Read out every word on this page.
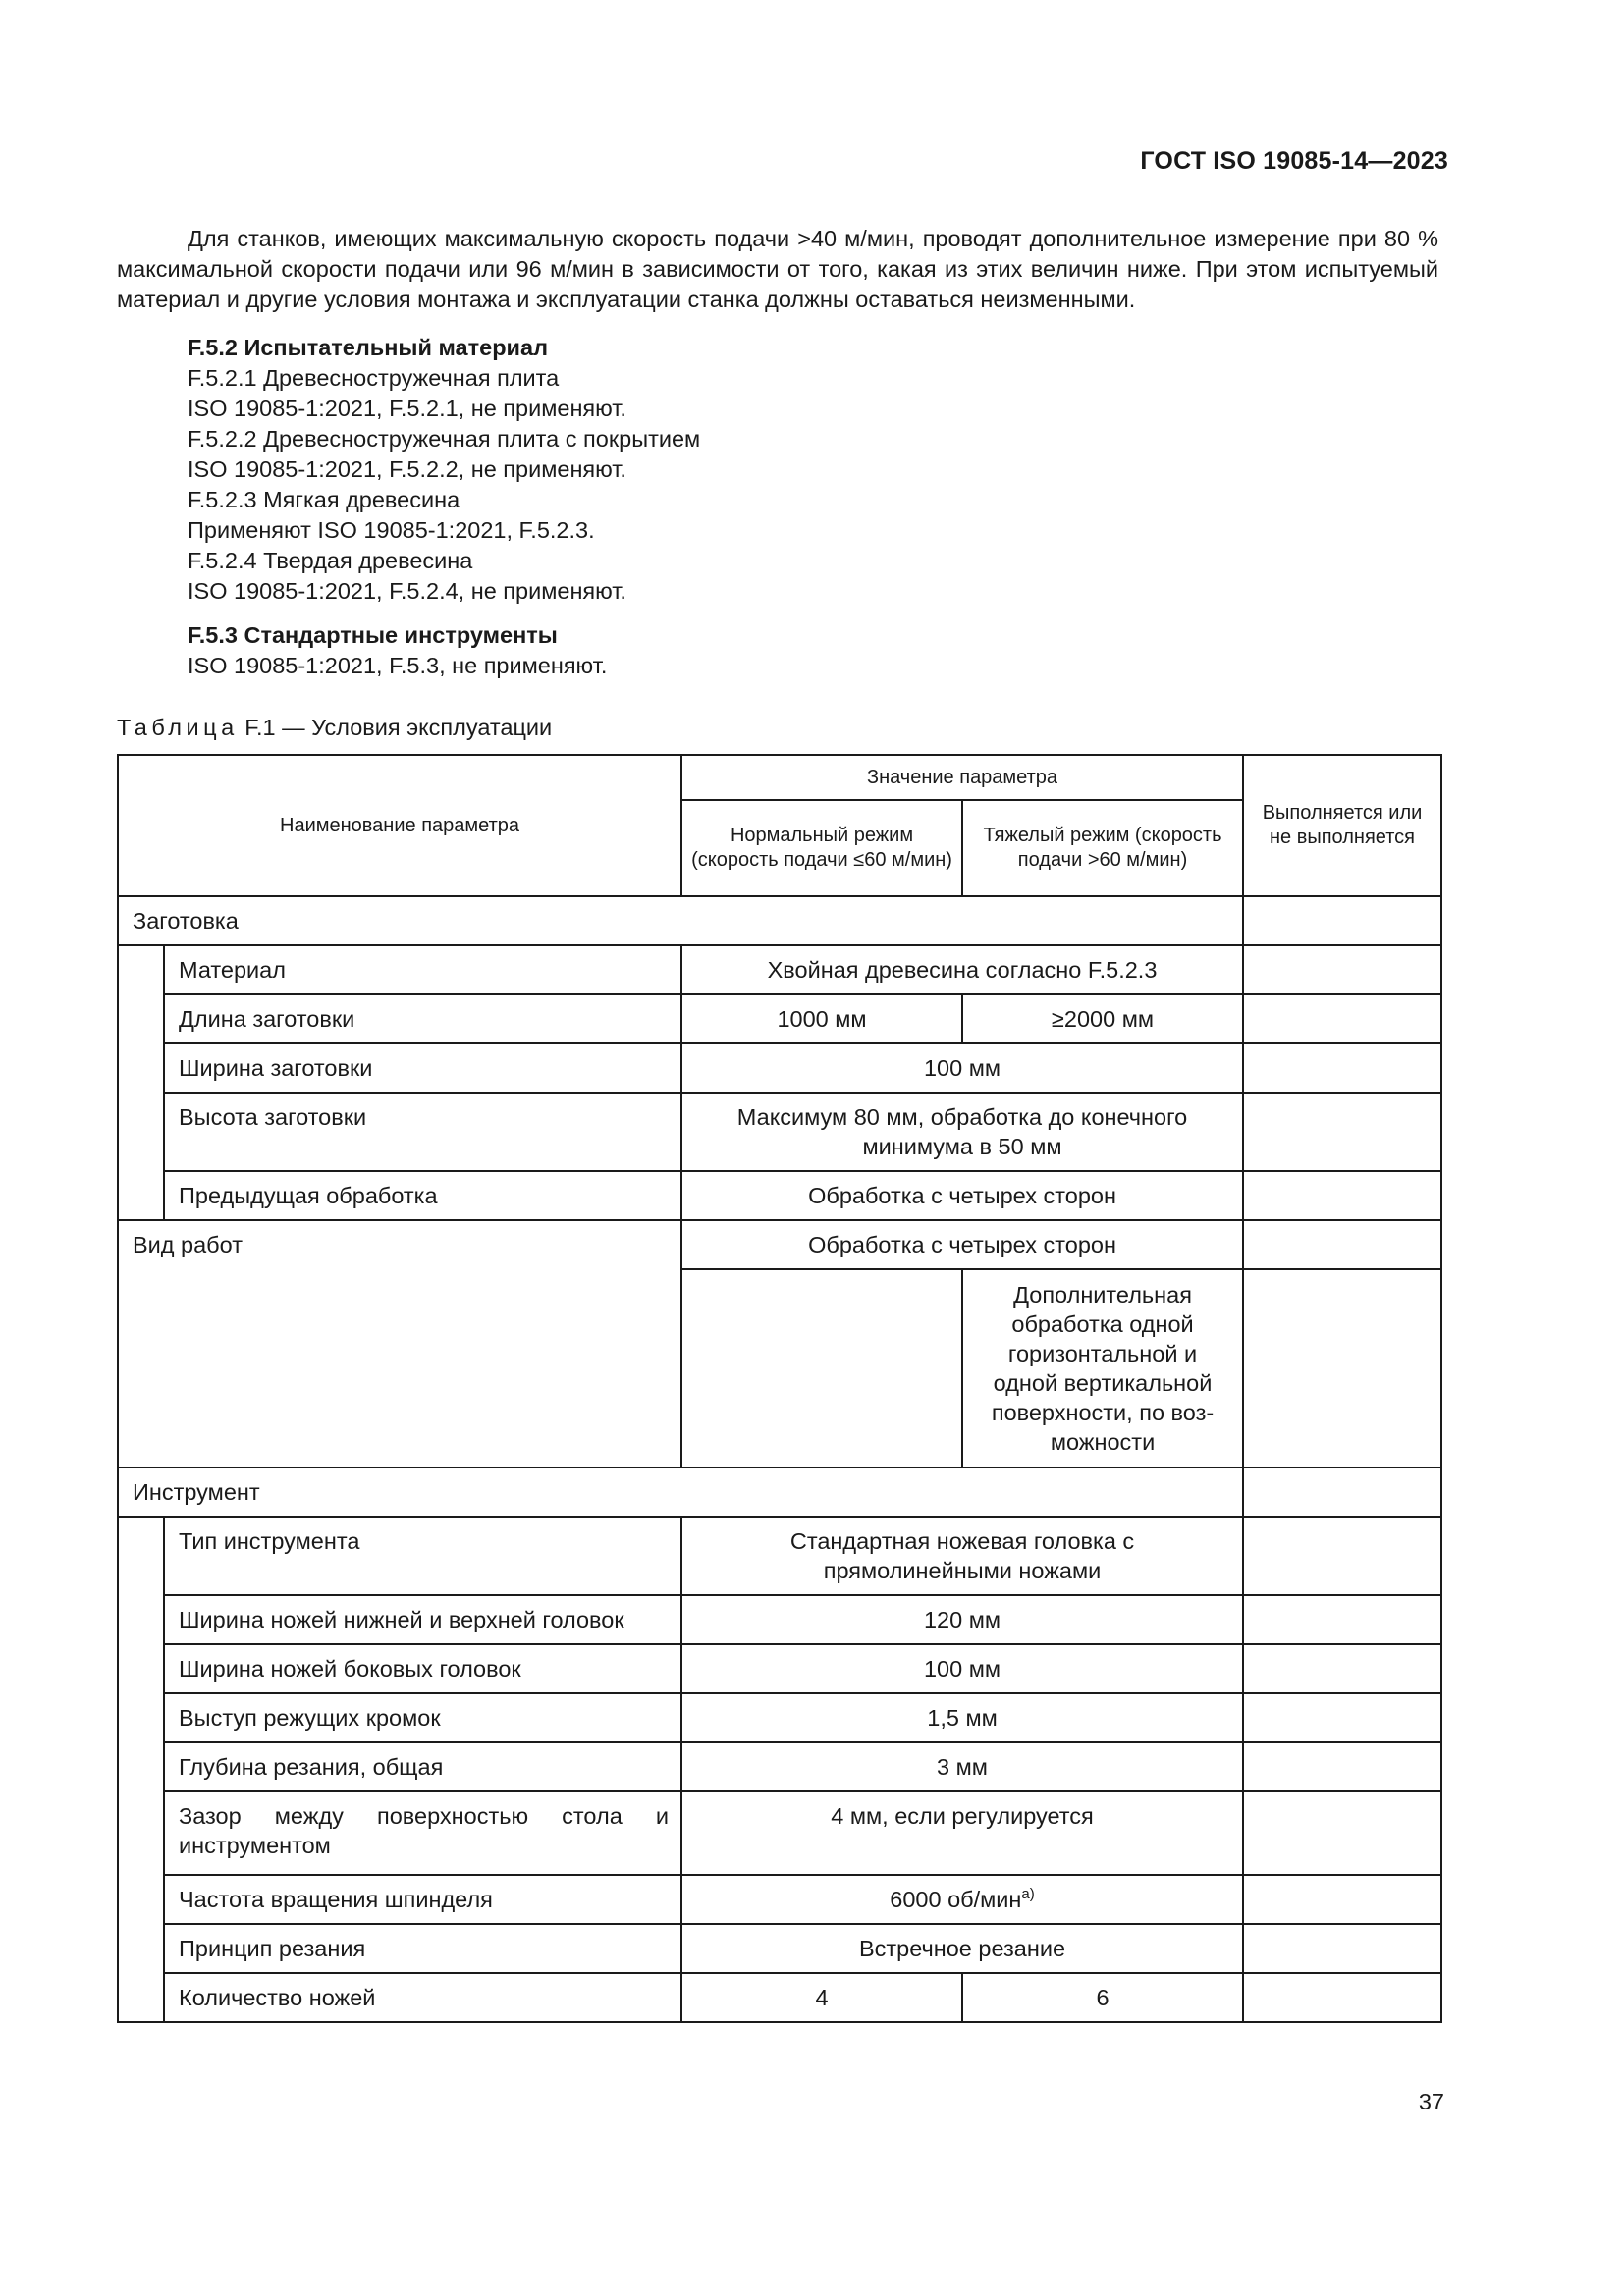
ГОСТ ISO 19085-14—2023

Для станков, имеющих максимальную скорость подачи >40 м/мин, проводят дополнительное измерение при 80 % максимальной скорости подачи или 96 м/мин в зависимости от того, какая из этих величин ниже. При этом испытуемый материал и другие условия монтажа и эксплуатации станка должны оставаться неизменными.

F.5.2 Испытательный материал
F.5.2.1 Древесностружечная плита
ISO 19085-1:2021, F.5.2.1, не применяют.
F.5.2.2 Древесностружечная плита с покрытием
ISO 19085-1:2021, F.5.2.2, не применяют.
F.5.2.3 Мягкая древесина
Применяют ISO 19085-1:2021, F.5.2.3.
F.5.2.4 Твердая древесина
ISO 19085-1:2021, F.5.2.4, не применяют.
F.5.3 Стандартные инструменты
ISO 19085-1:2021, F.5.3, не применяют.
Таблица F.1 — Условия эксплуатации
Наименование параметра		Значение параметра		Выполняется или не выполняется
		Нормальный режим (скорость подачи ≤60 м/мин)	Тяжелый режим (скорость подачи >60 м/мин)	
Заготовка				
	Материал	Хвойная древесина согласно F.5.2.3		
	Длина заготовки	1000 мм	≥2000 мм	
	Ширина заготовки	100 мм		
	Высота заготовки	Максимум 80 мм, обработка до конечного минимума в 50 мм		
	Предыдущая обработка	Обработка с четырех сторон		
Вид работ		Обработка с четырех сторон		
			Дополнительная обработка одной горизонтальной и одной вертикальной поверхности, по воз-можности	
Инструмент				
	Тип инструмента	Стандартная ножевая головка с прямолинейными ножами		
	Ширина ножей нижней и верхней головок	120 мм		
	Ширина ножей боковых головок	100 мм		
	Выступ режущих кромок	1,5 мм		
	Глубина резания, общая	3 мм		
	Зазор между поверхностью стола и инструментом	4 мм, если регулируется		
	Частота вращения шпинделя	6000 об/мин$^{а)}$	
	Принцип резания	Встречное резание		
	Количество ножей	4	6	
37
